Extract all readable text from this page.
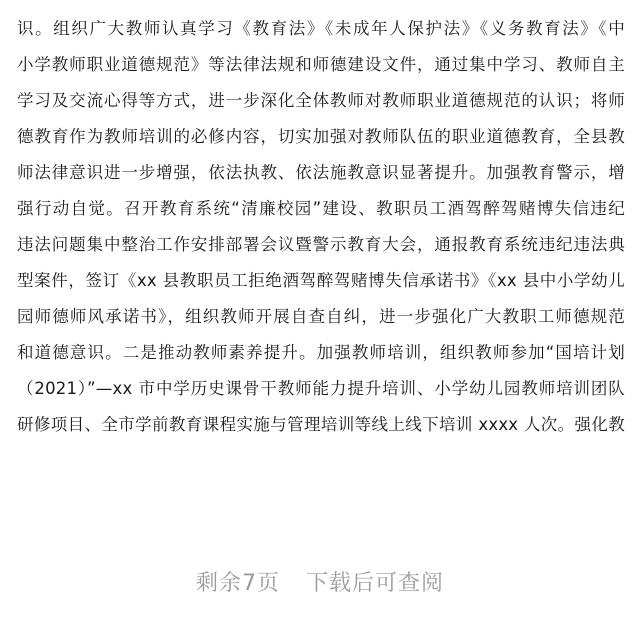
识。组织广大教师认真学习《教育法》《未成年人保护法》《义务教育法》《中
小学教师职业道德规范》等法律法规和师德建设文件，通过集中学习、教师自主
学习及交流心得等方式，进一步深化全体教师对教师职业道德规范的认识；将师
德教育作为教师培训的必修内容，切实加强对教师队伍的职业道德教育，全县教
师法律意识进一步增强，依法执教、依法施教意识显著提升。加强教育警示，增
强行动自觉。召开教育系统“清廉校园”建设、教职员工酒驾醉驾赌博失信违纪
违法问题集中整治工作安排部署会议暨警示教育大会，通报教育系统违纪违法典
型案件，签订《xx 县教职员工拒绝酒驾醉驾赌博失信承诺书》《xx 县中小学幼儿
园师德师风承诺书》，组织教师开展自查自纠，进一步强化广大教职工师德规范
和道德意识。二是推动教师素养提升。加强教师培训，组织教师参加“国培计划
（2021）”—xx 市中学历史课骨干教师能力提升培训、小学幼儿园教师培训团队
研修项目、全市学前教育课程实施与管理培训等线上线下培训 xxxx 人次。强化教
剩余7页 下载后可查阅
